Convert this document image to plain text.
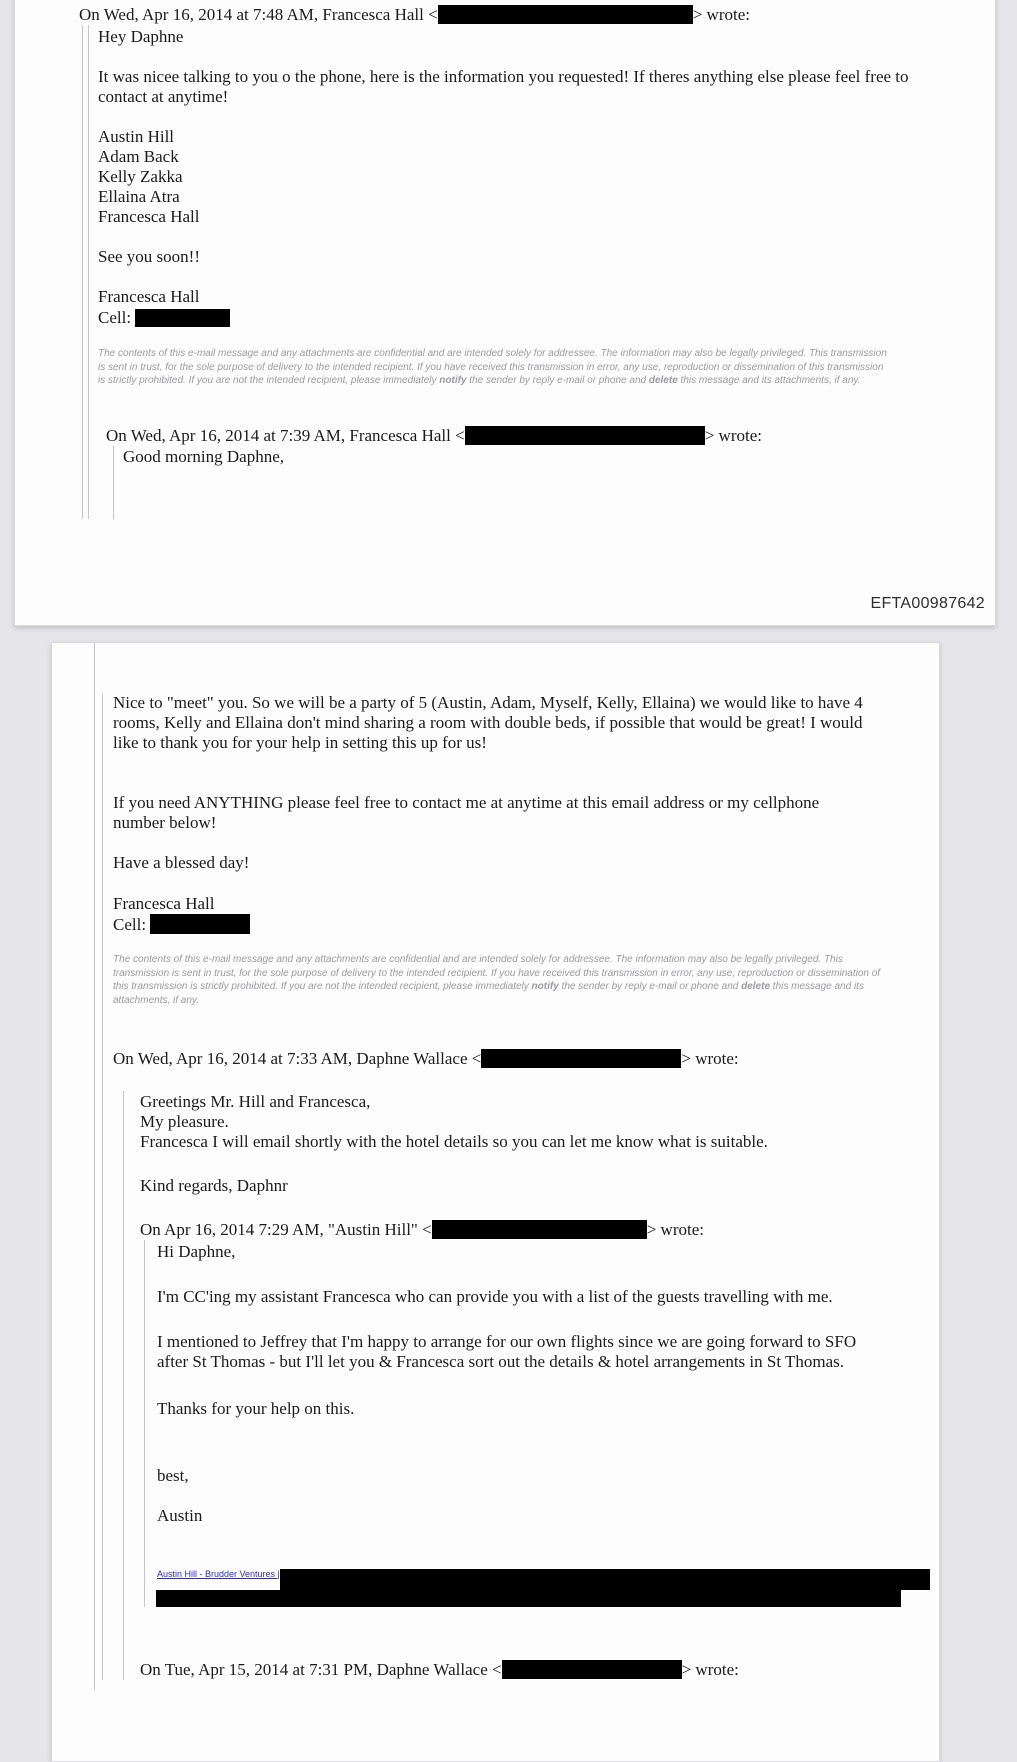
On Wed, Apr 16, 2014 at 7:48 AM, Francesca Hall <	> wrote:
Hey Daphne
It was nicee talking to you o the phone, here is the information you requested! If theres anything else please feel free to contact at anytime!
Austin Hill
Adam Back
Kelly Zakka
Ellaina Atra
Francesca Hall
See you soon!!
Francesca Hall
Cell:
The contents of this e-mail message and any attachments are confidential and are intended solely for addressee. The information may also be legally privileged. This transmission is sent in trust, for the sole purpose of delivery to the intended recipient. If you have received this transmission in error, any use, reproduction or dissemination of this transmission is strictly prohibited. If you are not the intended recipient, please immediately notify the sender by reply e-mail or phone and delete this message and its attachments, if any.
On Wed, Apr 16, 2014 at 7:39 AM, Francesca Hall <	> wrote:
Good morning Daphne,
EFTA00987642
Nice to "meet" you. So we will be a party of 5 (Austin, Adam, Myself, Kelly, Ellaina) we would like to have 4 rooms, Kelly and Ellaina don't mind sharing a room with double beds, if possible that would be great! I would like to thank you for your help in setting this up for us!
If you need ANYTHING please feel free to contact me at anytime at this email address or my cellphone number below!
Have a blessed day!
Francesca Hall
Cell:
The contents of this e-mail message and any attachments are confidential and are intended solely for addressee. The information may also be legally privileged. This transmission is sent in trust, for the sole purpose of delivery to the intended recipient. If you have received this transmission in error, any use, reproduction or dissemination of this transmission is strictly prohibited. If you are not the intended recipient, please immediately notify the sender by reply e-mail or phone and delete this message and its attachments, if any.
On Wed, Apr 16, 2014 at 7:33 AM, Daphne Wallace <	> wrote:
Greetings Mr. Hill and Francesca,
My pleasure.
Francesca I will email shortly with the hotel details so you can let me know what is suitable.
Kind regards, Daphnr
On Apr 16, 2014 7:29 AM, "Austin Hill" <	> wrote:
Hi Daphne,
I'm CC'ing my assistant Francesca who can provide you with a list of the guests travelling with me.
I mentioned to Jeffrey that I'm happy to arrange for our own flights since we are going forward to SFO after St Thomas - but I'll let you & Francesca sort out the details & hotel arrangements in St Thomas.
Thanks for your help on this.
best,
Austin
$^{Austin Hill - Brudder Ventures |}$
On Tue, Apr 15, 2014 at 7:31 PM, Daphne Wallace <	> wrote:
